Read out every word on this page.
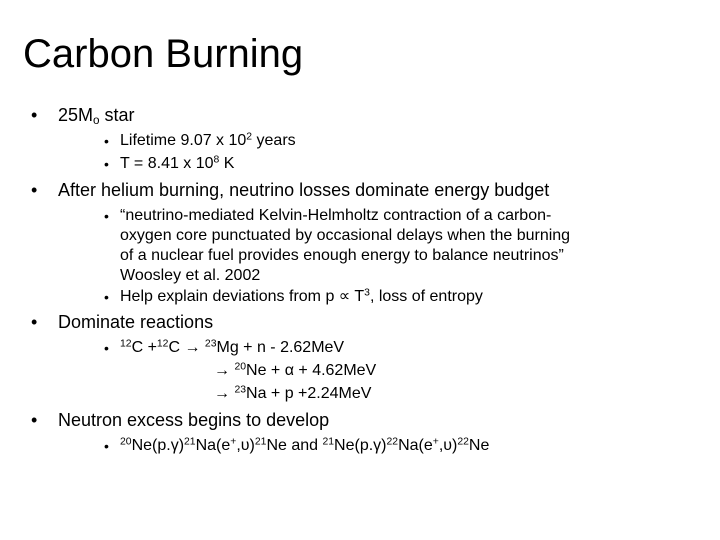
Carbon Burning
• $25M_o$ star
• Lifetime 9.07 x $10^2$ years
• T = 8.41 x $10^8$ K
• After helium burning, neutrino losses dominate energy budget
• “neutrino-mediated Kelvin-Helmholtz contraction of a carbon-
oxygen core punctuated by occasional delays when the burning
of a nuclear fuel provides enough energy to balance neutrinos”
Woosley et al. 2002
• Help explain deviations from $p \propto T^3$, loss of entropy
• Dominate reactions
• $^{12}$C +$^{12}$C → $^{23}$Mg + n - 2.62MeV
→ $^{20}$Ne + α + 4.62MeV
→ $^{23}$Na + p +2.24MeV
• Neutron excess begins to develop
• $^{20}Ne(p.\gamma)^{21}Na(e^+,\upsilon)^{21}Ne$ and $^{21}Ne(p.\gamma)^{22}Na(e^+,\upsilon)^{22}Ne$
